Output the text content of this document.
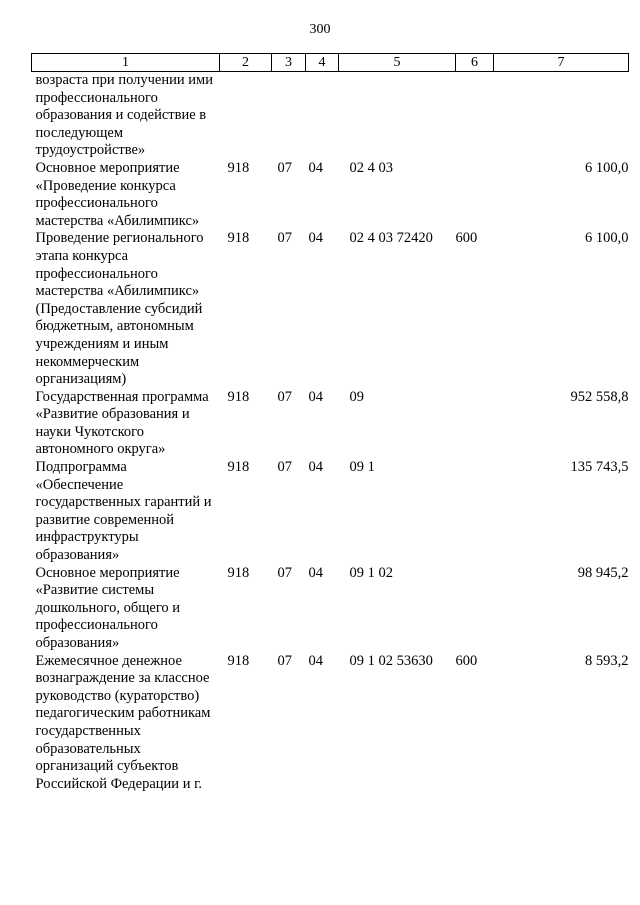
300
1	2	3	4	5	6	7
возраста при получении ими профессионального образования и содействие в последующем трудоустройстве»						
Основное мероприятие «Проведение конкурса профессионального мастерства «Абилимпикс»	918	07	04	02 4 03		6 100,0
Проведение регионального этапа конкурса профессионального мастерства «Абилимпикс» (Предоставление субсидий бюджетным, автономным учреждениям и иным некоммерческим организациям)	918	07	04	02 4 03 72420	600	6 100,0
Государственная программа «Развитие образования и науки Чукотского автономного округа»	918	07	04	09		952 558,8
Подпрограмма «Обеспечение государственных гарантий и развитие современной инфраструктуры образования»	918	07	04	09 1		135 743,5
Основное мероприятие «Развитие системы дошкольного, общего и профессионального образования»	918	07	04	09 1 02		98 945,2
Ежемесячное денежное вознаграждение за классное руководство (кураторство) педагогическим работникам государственных образовательных организаций субъектов Российской Федерации и г.	918	07	04	09 1 02 53630	600	8 593,2
